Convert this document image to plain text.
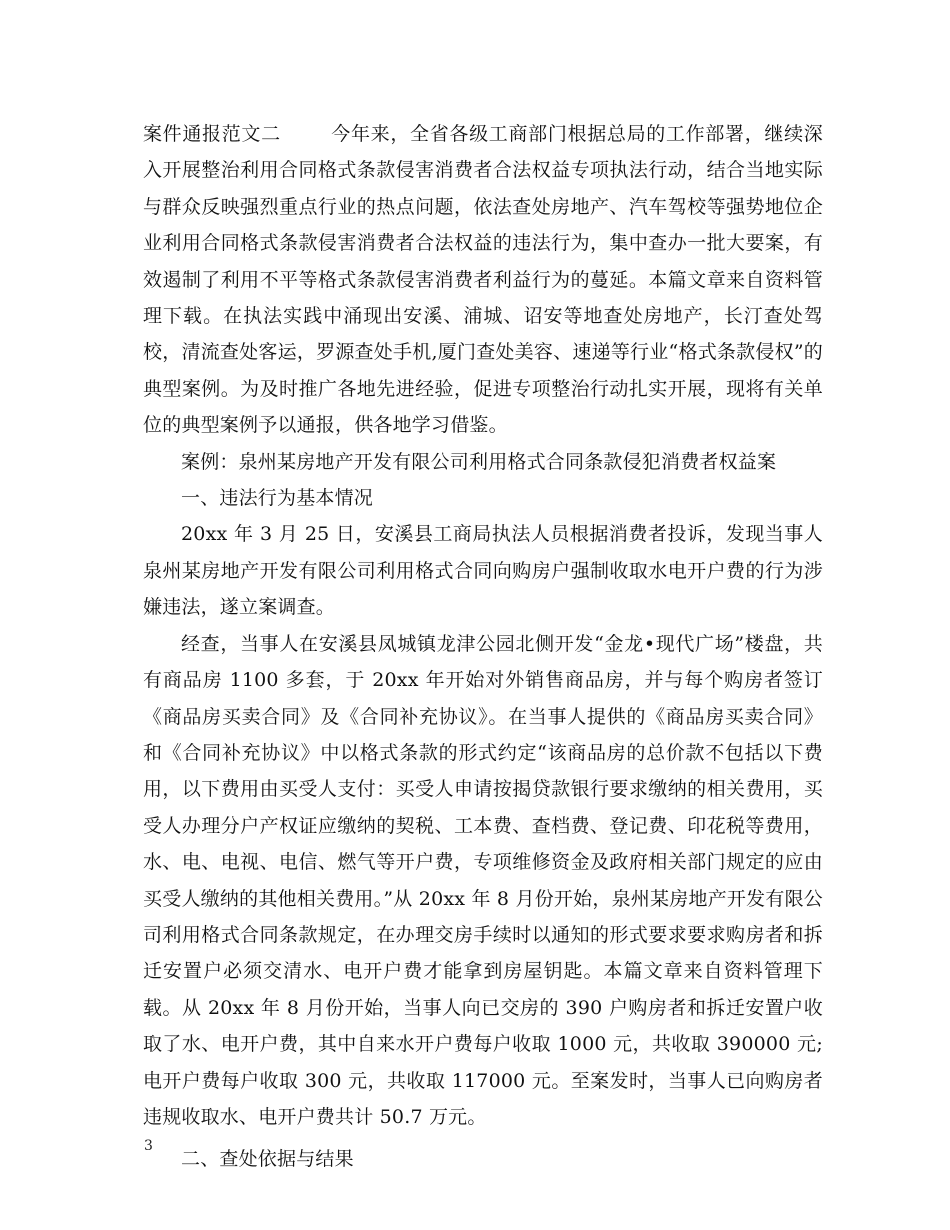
案件通报范文二	今年来，全省各级工商部门根据总局的工作部署，继续深入开展整治利用合同格式条款侵害消费者合法权益专项执法行动，结合当地实际与群众反映强烈重点行业的热点问题，依法查处房地产、汽车驾校等强势地位企业利用合同格式条款侵害消费者合法权益的违法行为，集中查办一批大要案，有效遏制了利用不平等格式条款侵害消费者利益行为的蔓延。本篇文章来自资料管理下载。在执法实践中涌现出安溪、浦城、诏安等地查处房地产，长汀查处驾校，清流查处客运，罗源查处手机,厦门查处美容、速递等行业“格式条款侵权”的典型案例。为及时推广各地先进经验，促进专项整治行动扎实开展，现将有关单位的典型案例予以通报，供各地学习借鉴。

案例：泉州某房地产开发有限公司利用格式合同条款侵犯消费者权益案

一、违法行为基本情况

20xx 年 3 月 25 日，安溪县工商局执法人员根据消费者投诉，发现当事人泉州某房地产开发有限公司利用格式合同向购房户强制收取水电开户费的行为涉嫌违法，遂立案调查。

经查，当事人在安溪县凤城镇龙津公园北侧开发“金龙•现代广场”楼盘，共有商品房 1100 多套，于 20xx 年开始对外销售商品房，并与每个购房者签订《商品房买卖合同》及《合同补充协议》。在当事人提供的《商品房买卖合同》和《合同补充协议》中以格式条款的形式约定“该商品房的总价款不包括以下费用，以下费用由买受人支付：买受人申请按揭贷款银行要求缴纳的相关费用，买受人办理分户产权证应缴纳的契税、工本费、查档费、登记费、印花税等费用，水、电、电视、电信、燃气等开户费，专项维修资金及政府相关部门规定的应由买受人缴纳的其他相关费用。”从 20xx 年 8 月份开始，泉州某房地产开发有限公司利用格式合同条款规定，在办理交房手续时以通知的形式要求要求购房者和拆迁安置户必须交清水、电开户费才能拿到房屋钥匙。本篇文章来自资料管理下载。从 20xx 年 8 月份开始，当事人向已交房的 390 户购房者和拆迁安置户收取了水、电开户费，其中自来水开户费每户收取 1000 元，共收取 390000 元;电开户费每户收取 300 元，共收取 117000 元。至案发时，当事人已向购房者违规收取水、电开户费共计 50.7 万元。

二、查处依据与结果

3
